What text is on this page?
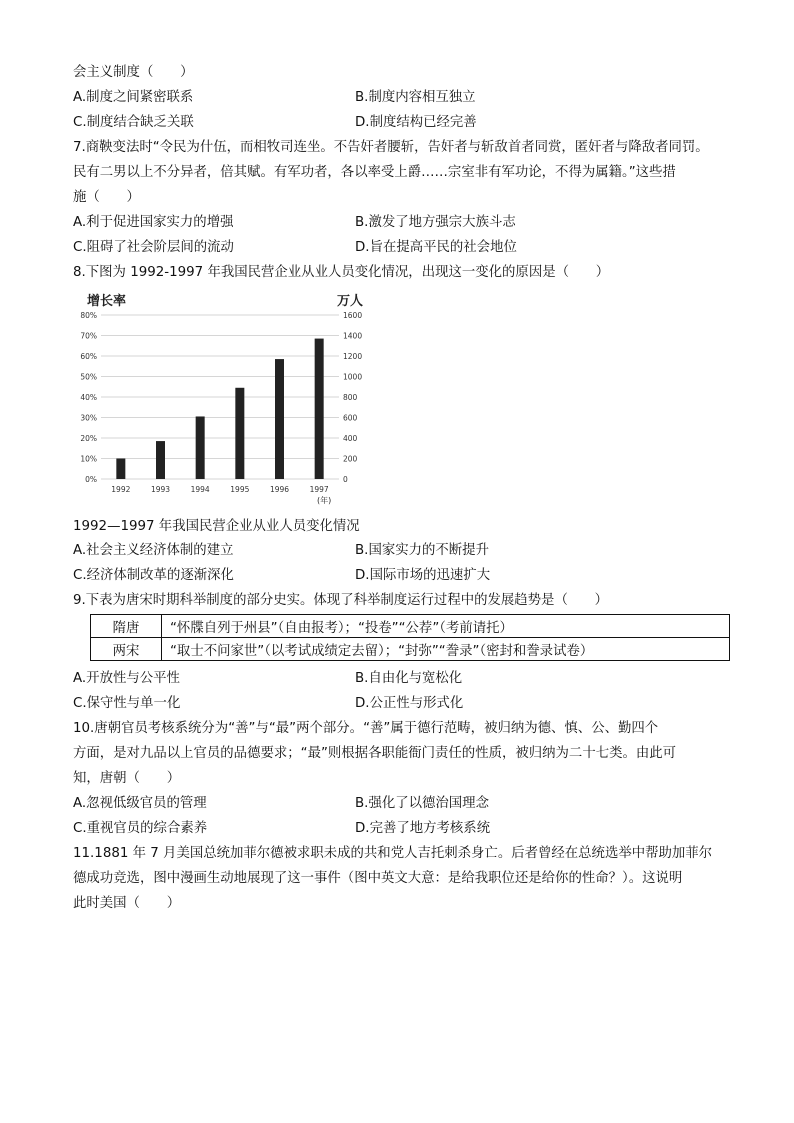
会主义制度（　　）
A.制度之间紧密联系	B.制度内容相互独立
C.制度结合缺乏关联	D.制度结构已经完善
7.商鞅变法时“令民为什伍，而相牧司连坐。不告奸者腰斩，告奸者与斩敌首者同赏，匿奸者与降敌者同罚。
民有二男以上不分异者，倍其赋。有军功者，各以率受上爵……宗室非有军功论，不得为属籍。”这些措
施（　　）
A.利于促进国家实力的增强	B.激发了地方强宗大族斗志
C.阻碍了社会阶层间的流动	D.旨在提高平民的社会地位
8.下图为 1992-1997 年我国民营企业从业人员变化情况，出现这一变化的原因是（　　）
增长率	万人
0%
10%
20%
30%
40%
50%
60%
70%
80%
0
200
400
600
800
1000
1200
1400
1600
1992	1993	1994	1995	1996	1997
(年)
1992—1997 年我国民营企业从业人员变化情况
A.社会主义经济体制的建立	B.国家实力的不断提升
C.经济体制改革的逐渐深化	D.国际市场的迅速扩大
9.下表为唐宋时期科举制度的部分史实。体现了科举制度运行过程中的发展趋势是（　　）
隋唐	“怀牒自列于州县”（自由报考）；“投卷”“公荐”（考前请托）
两宋	“取士不问家世”（以考试成绩定去留）；“封弥”“誊录”（密封和誊录试卷）
A.开放性与公平性	B.自由化与宽松化
C.保守性与单一化	D.公正性与形式化
10.唐朝官员考核系统分为“善”与“最”两个部分。“善”属于德行范畴，被归纳为德、慎、公、勤四个
方面，是对九品以上官员的品德要求；“最”则根据各职能衙门责任的性质，被归纳为二十七类。由此可
知，唐朝（　　）
A.忽视低级官员的管理	B.强化了以德治国理念
C.重视官员的综合素养	D.完善了地方考核系统
11.1881 年 7 月美国总统加菲尔德被求职未成的共和党人吉托刺杀身亡。后者曾经在总统选举中帮助加菲尔
德成功竞选，图中漫画生动地展现了这一事件（图中英文大意：是给我职位还是给你的性命？）。这说明
此时美国（　　）
